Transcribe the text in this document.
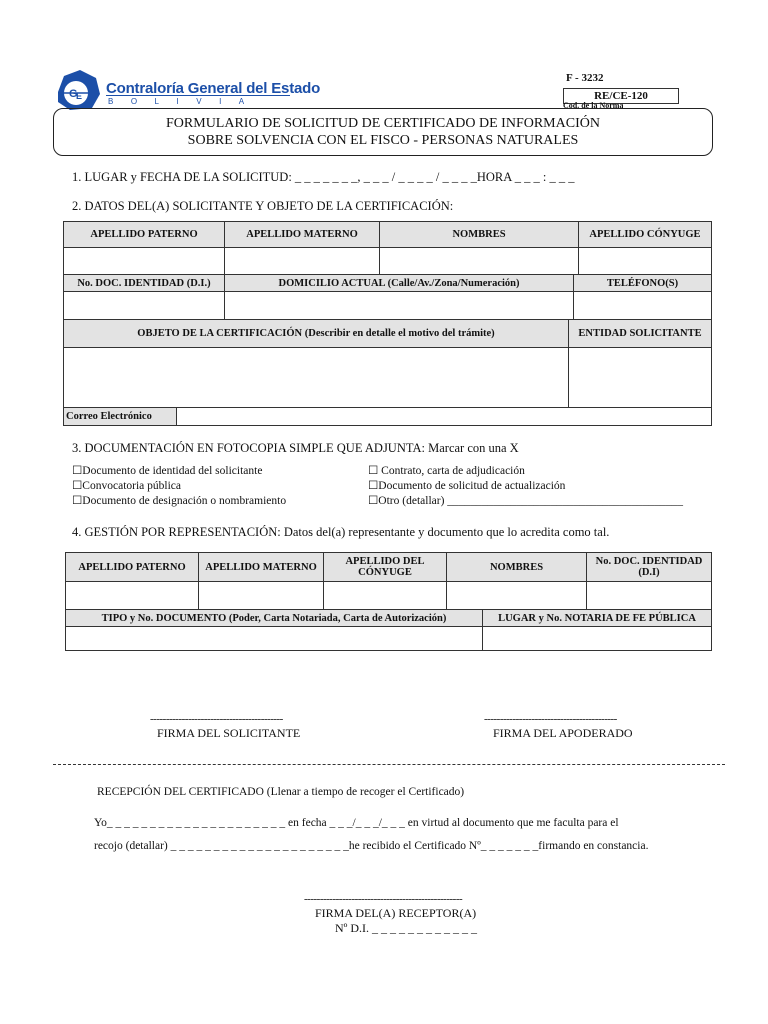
G
E Contraloría General del Estado
BOLIVIA
F - 3232
RE/CE-120
Cod. de la Norma
FORMULARIO DE SOLICITUD DE CERTIFICADO DE INFORMACIÓN
SOBRE SOLVENCIA CON EL FISCO - PERSONAS NATURALES
1. LUGAR y FECHA DE LA SOLICITUD: _ _ _ _ _ _ _, _ _ _ / _ _ _ _ / _ _ _ _HORA _ _ _ : _ _ _
2. DATOS DEL(A) SOLICITANTE Y OBJETO DE LA CERTIFICACIÓN:
APELLIDO PATERNO	APELLIDO MATERNO	NOMBRES	APELLIDO CÓNYUGE

No. DOC. IDENTIDAD (D.I.)	DOMICILIO ACTUAL (Calle/Av./Zona/Numeración)	TELÉFONO(S)

OBJETO DE LA CERTIFICACIÓN (Describir en detalle el motivo del trámite)	ENTIDAD SOLICITANTE

Correo Electrónico	
3. DOCUMENTACIÓN EN FOTOCOPIA SIMPLE QUE ADJUNTA: Marcar con una X
☐Documento de identidad del solicitante
☐Convocatoria pública
☐Documento de designación o nombramiento
☐ Contrato, carta de adjudicación
☐Documento de solicitud de actualización
☐Otro (detallar) _________________________________________
4. GESTIÓN POR REPRESENTACIÓN: Datos del(a) representante y documento que lo acredita como tal.
APELLIDO PATERNO	APELLIDO MATERNO	APELLIDO DEL CÓNYUGE	NOMBRES	No. DOC. IDENTIDAD (D.I)

TIPO y No. DOCUMENTO (Poder, Carta Notariada, Carta de Autorización)	LUGAR y No. NOTARIA DE FE PÚBLICA

------------------------------------------
FIRMA DEL SOLICITANTE
------------------------------------------
FIRMA DEL APODERADO
RECEPCIÓN DEL CERTIFICADO (Llenar a tiempo de recoger el Certificado)
Yo_ _ _ _ _ _ _ _ _ _ _ _ _ _ _ _ _ _ _ _ _ en fecha _ _ _/_ _ _/_ _ _ en virtud al documento que me faculta para el
recojo (detallar) _ _ _ _ _ _ _ _ _ _ _ _ _ _ _ _ _ _ _ _ _he recibido el Certificado Nº_ _ _ _ _ _ _firmando en constancia.
--------------------------------------------------
FIRMA DEL(A) RECEPTOR(A)
Nº D.I. _ _ _ _ _ _ _ _ _ _ _ _
